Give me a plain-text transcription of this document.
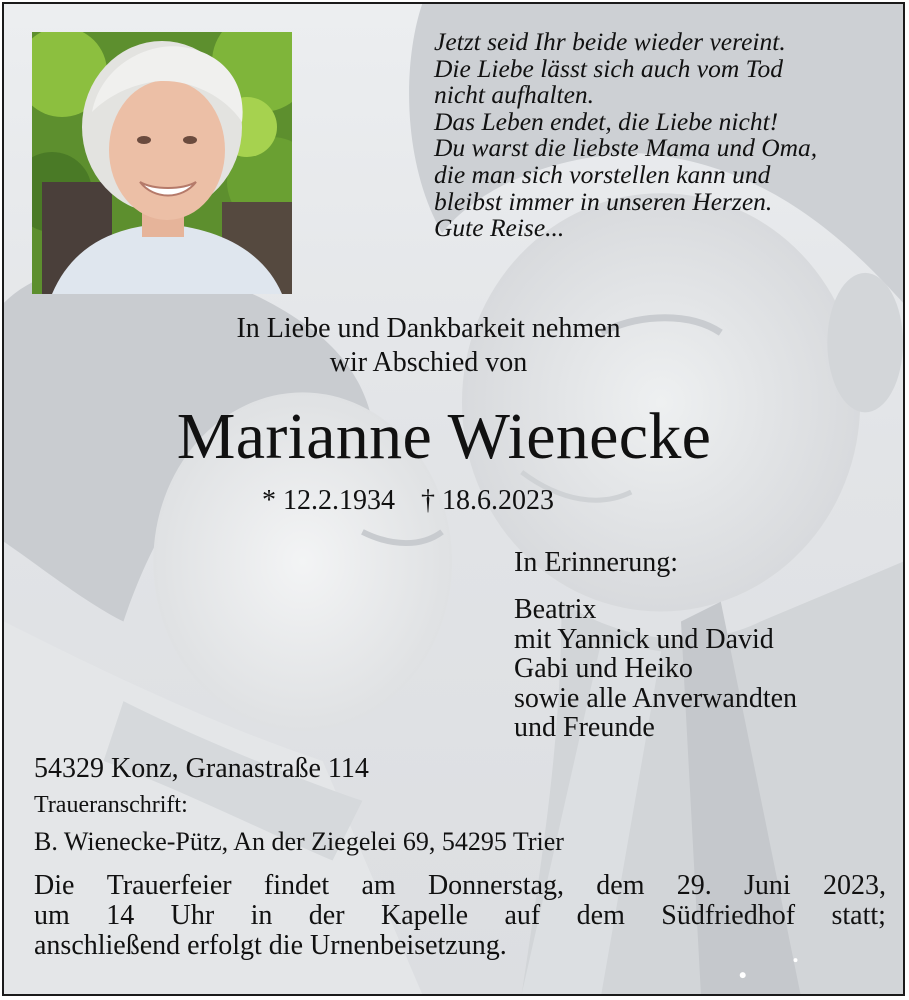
Jetzt seid Ihr beide wieder vereint.
Die Liebe lässt sich auch vom Tod
nicht aufhalten.
Das Leben endet, die Liebe nicht!
Du warst die liebste Mama und Oma,
die man sich vorstellen kann und
bleibst immer in unseren Herzen.
Gute Reise...
In Liebe und Dankbarkeit nehmen
wir Abschied von
Marianne Wienecke
* 12.2.1934 † 18.6.2023
In Erinnerung:
Beatrix
mit Yannick und David
Gabi und Heiko
sowie alle Anverwandten
und Freunde
54329 Konz, Granastraße 114
Traueranschrift:
B. Wienecke-Pütz, An der Ziegelei 69, 54295 Trier
Die Trauerfeier findet am Donnerstag, dem 29. Juni 2023,
um 14 Uhr in der Kapelle auf dem Südfriedhof statt;
anschließend erfolgt die Urnenbeisetzung.
